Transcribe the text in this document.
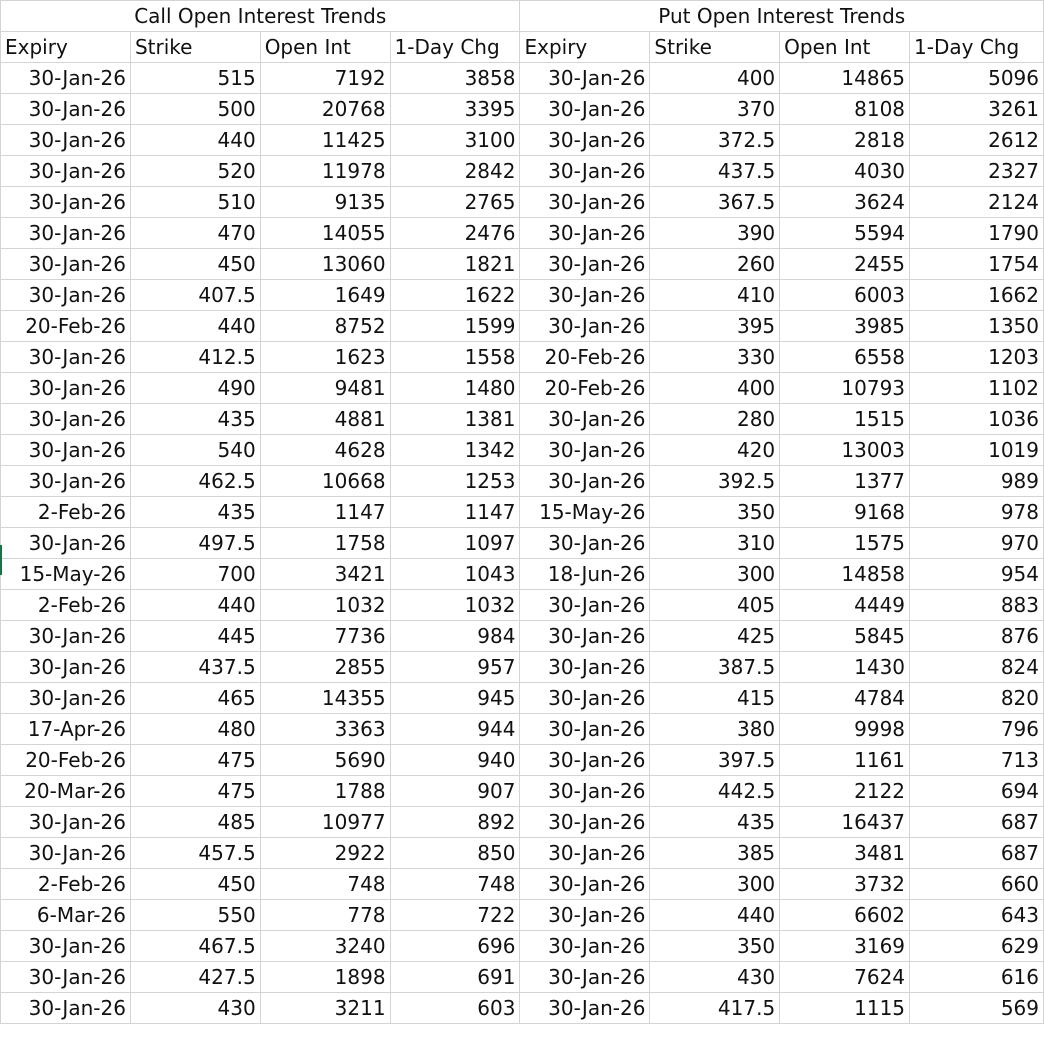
Call Open Interest Trends				Put Open Interest Trends			
Expiry	Strike	Open Int	1-Day Chg	Expiry	Strike	Open Int	1-Day Chg
30-Jan-26	515	7192	3858	30-Jan-26	400	14865	5096
30-Jan-26	500	20768	3395	30-Jan-26	370	8108	3261
30-Jan-26	440	11425	3100	30-Jan-26	372.5	2818	2612
30-Jan-26	520	11978	2842	30-Jan-26	437.5	4030	2327
30-Jan-26	510	9135	2765	30-Jan-26	367.5	3624	2124
30-Jan-26	470	14055	2476	30-Jan-26	390	5594	1790
30-Jan-26	450	13060	1821	30-Jan-26	260	2455	1754
30-Jan-26	407.5	1649	1622	30-Jan-26	410	6003	1662
20-Feb-26	440	8752	1599	30-Jan-26	395	3985	1350
30-Jan-26	412.5	1623	1558	20-Feb-26	330	6558	1203
30-Jan-26	490	9481	1480	20-Feb-26	400	10793	1102
30-Jan-26	435	4881	1381	30-Jan-26	280	1515	1036
30-Jan-26	540	4628	1342	30-Jan-26	420	13003	1019
30-Jan-26	462.5	10668	1253	30-Jan-26	392.5	1377	989
2-Feb-26	435	1147	1147	15-May-26	350	9168	978
30-Jan-26	497.5	1758	1097	30-Jan-26	310	1575	970
15-May-26	700	3421	1043	18-Jun-26	300	14858	954
2-Feb-26	440	1032	1032	30-Jan-26	405	4449	883
30-Jan-26	445	7736	984	30-Jan-26	425	5845	876
30-Jan-26	437.5	2855	957	30-Jan-26	387.5	1430	824
30-Jan-26	465	14355	945	30-Jan-26	415	4784	820
17-Apr-26	480	3363	944	30-Jan-26	380	9998	796
20-Feb-26	475	5690	940	30-Jan-26	397.5	1161	713
20-Mar-26	475	1788	907	30-Jan-26	442.5	2122	694
30-Jan-26	485	10977	892	30-Jan-26	435	16437	687
30-Jan-26	457.5	2922	850	30-Jan-26	385	3481	687
2-Feb-26	450	748	748	30-Jan-26	300	3732	660
6-Mar-26	550	778	722	30-Jan-26	440	6602	643
30-Jan-26	467.5	3240	696	30-Jan-26	350	3169	629
30-Jan-26	427.5	1898	691	30-Jan-26	430	7624	616
30-Jan-26	430	3211	603	30-Jan-26	417.5	1115	569
